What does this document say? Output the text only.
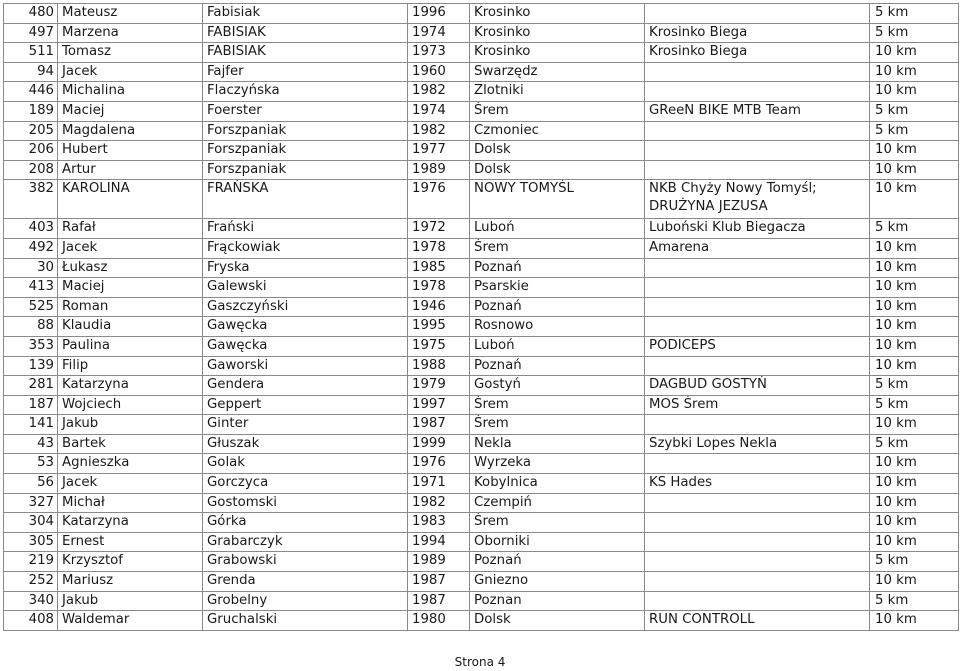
480	Mateusz	Fabisiak	1996	Krosinko		5 km
497	Marzena	FABISIAK	1974	Krosinko	Krosinko Biega	5 km
511	Tomasz	FABISIAK	1973	Krosinko	Krosinko Biega	10 km
94	Jacek	Fajfer	1960	Swarzędz		10 km
446	Michalina	Flaczyńska	1982	Zlotniki		10 km
189	Maciej	Foerster	1974	Śrem	GReeN BIKE MTB Team	5 km
205	Magdalena	Forszpaniak	1982	Czmoniec		5 km
206	Hubert	Forszpaniak	1977	Dolsk		10 km
208	Artur	Forszpaniak	1989	Dolsk		10 km
382	KAROLINA	FRAŃSKA	1976	NOWY TOMYŚL	NKB Chyży Nowy Tomyśl; DRUŻYNA JEZUSA	10 km
403	Rafał	Frański	1972	Luboń	Luboński Klub Biegacza	5 km
492	Jacek	Frąckowiak	1978	Śrem	Amarena	10 km
30	Łukasz	Fryska	1985	Poznań		10 km
413	Maciej	Galewski	1978	Psarskie		10 km
525	Roman	Gaszczyński	1946	Poznań		10 km
88	Klaudia	Gawęcka	1995	Rosnowo		10 km
353	Paulina	Gawęcka	1975	Luboń	PODICEPS	10 km
139	Filip	Gaworski	1988	Poznań		10 km
281	Katarzyna	Gendera	1979	Gostyń	DAGBUD GOSTYŃ	5 km
187	Wojciech	Geppert	1997	Śrem	MOS Śrem	5 km
141	Jakub	Ginter	1987	Śrem		10 km
43	Bartek	Głuszak	1999	Nekla	Szybki Lopes Nekla	5 km
53	Agnieszka	Golak	1976	Wyrzeka		10 km
56	Jacek	Gorczyca	1971	Kobylnica	KS Hades	10 km
327	Michał	Gostomski	1982	Czempiń		10 km
304	Katarzyna	Górka	1983	Śrem		10 km
305	Ernest	Grabarczyk	1994	Oborniki		10 km
219	Krzysztof	Grabowski	1989	Poznań		5 km
252	Mariusz	Grenda	1987	Gniezno		10 km
340	Jakub	Grobelny	1987	Poznan		5 km
408	Waldemar	Gruchalski	1980	Dolsk	RUN CONTROLL	10 km
Strona 4
